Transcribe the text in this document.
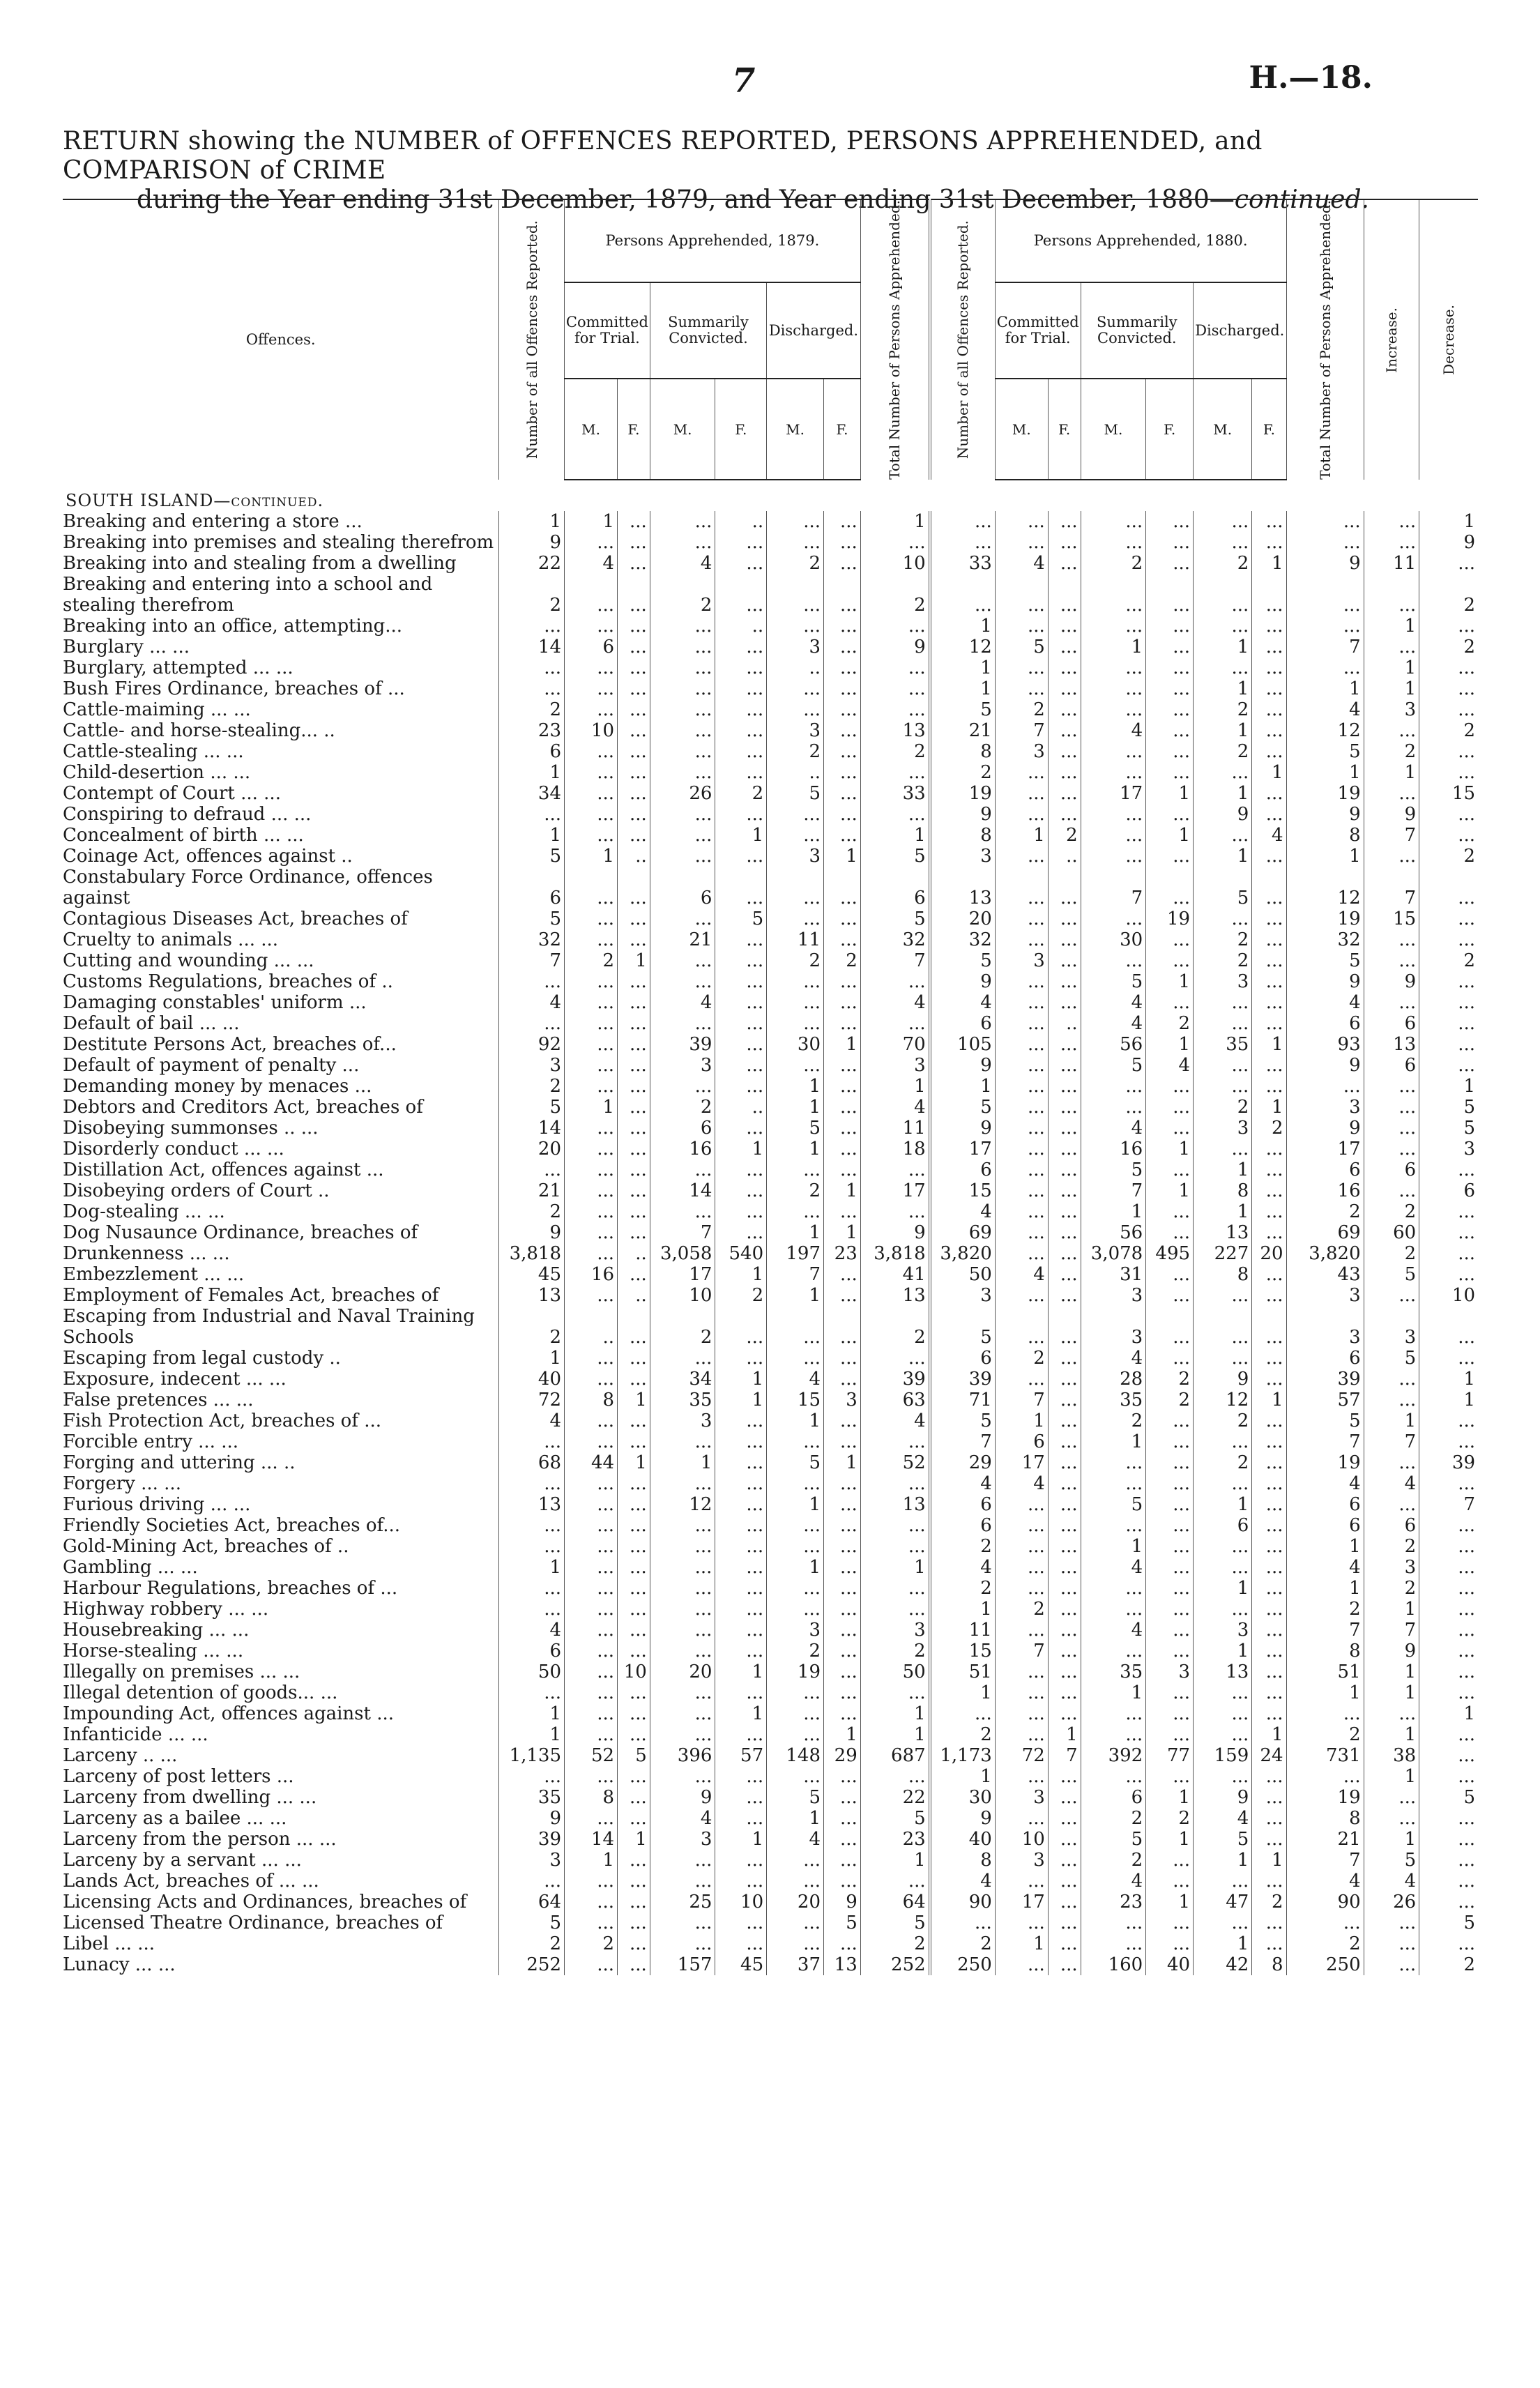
7	H.—18.
RETURN showing the NUMBER of OFFENCES REPORTED, PERSONS APPREHENDED, and COMPARISON of CRIME
during the Year ending 31st December, 1879, and Year ending 31st December, 1880—continued.
Offences.	Number of all Offences Reported.	Persons Apprehended, 1879.						Total Number of Persons Apprehended.	Number of all Offences Reported.	Persons Apprehended, 1880.						Total Number of Persons Apprehended.	Increase.	Decrease.

		Committed for Trial.		Summarily Convicted.		Discharged.				Committed for Trial.		Summarily Convicted.		Discharged.				
		M.	F.	M.	F.	M.	F.			M.	F.	M.	F.	M.	F.			
SOUTH ISLAND—continued.																		
Breaking and entering a store ...	1	1	...	...	..	...	...	1	...	...	...	...	...	...	...	...	...	1
Breaking into premises and stealing therefrom	9	...	...	...	...	...	...	...	...	...	...	...	...	...	...	...	...	9
Breaking into and stealing from a dwelling	22	4	...	4	...	2	...	10	33	4	...	2	...	2	1	9	11	...
Breaking and entering into a school and stealing therefrom	2	...	...	2	...	...	...	2	...	...	...	...	...	...	...	...	...	2
Breaking into an office, attempting...	...	...	...	...	..	...	...	...	1	...	...	...	...	...	...	...	1	...
Burglary ... ...	14	6	...	...	...	3	...	9	12	5	...	1	...	1	...	7	...	2
Burglary, attempted ... ...	...	...	...	...	...	..	...	...	1	...	...	...	...	...	...	...	1	...
Bush Fires Ordinance, breaches of ...	...	...	...	...	...	...	...	...	1	...	...	...	...	1	...	1	1	...
Cattle-maiming ... ...	2	...	...	...	...	...	...	...	5	2	...	...	...	2	...	4	3	...
Cattle- and horse-stealing... ..	23	10	...	...	...	3	...	13	21	7	...	4	...	1	...	12	...	2
Cattle-stealing ... ...	6	...	...	...	...	2	...	2	8	3	...	...	...	2	...	5	2	...
Child-desertion ... ...	1	...	...	...	...	..	...	...	2	...	...	...	...	...	1	1	1	...
Contempt of Court ... ...	34	...	...	26	2	5	...	33	19	...	...	17	1	1	...	19	...	15
Conspiring to defraud ... ...	...	...	...	...	...	...	...	...	9	...	...	...	...	9	...	9	9	...
Concealment of birth ... ...	1	...	...	...	1	...	...	1	8	1	2	...	1	...	4	8	7	...
Coinage Act, offences against ..	5	1	..	...	...	3	1	5	3	...	..	...	...	1	...	1	...	2
Constabulary Force Ordinance, offences against	6	...	...	6	...	...	...	6	13	...	...	7	...	5	...	12	7	...
Contagious Diseases Act, breaches of	5	...	...	...	5	...	...	5	20	...	...	...	19	...	...	19	15	...
Cruelty to animals ... ...	32	...	...	21	...	11	...	32	32	...	...	30	...	2	...	32	...	...
Cutting and wounding ... ...	7	2	1	...	...	2	2	7	5	3	...	...	...	2	...	5	...	2
Customs Regulations, breaches of ..	...	...	...	...	...	...	...	...	9	...	...	5	1	3	...	9	9	...
Damaging constables' uniform ...	4	...	...	4	...	...	...	4	4	...	...	4	...	...	...	4	...	...
Default of bail ... ...	...	...	...	...	...	...	...	...	6	...	..	4	2	...	...	6	6	...
Destitute Persons Act, breaches of...	92	...	...	39	...	30	1	70	105	...	...	56	1	35	1	93	13	...
Default of payment of penalty ...	3	...	...	3	...	...	...	3	9	...	...	5	4	...	...	9	6	...
Demanding money by menaces ...	2	...	...	...	...	1	...	1	1	...	...	...	...	...	...	...	...	1
Debtors and Creditors Act, breaches of	5	1	...	2	..	1	...	4	5	...	...	...	...	2	1	3	...	5
Disobeying summonses .. ...	14	...	...	6	...	5	...	11	9	...	...	4	...	3	2	9	...	5
Disorderly conduct ... ...	20	...	...	16	1	1	...	18	17	...	...	16	1	...	...	17	...	3
Distillation Act, offences against ...	...	...	...	...	...	...	...	...	6	...	...	5	...	1	...	6	6	...
Disobeying orders of Court ..	21	...	...	14	...	2	1	17	15	...	...	7	1	8	...	16	...	6
Dog-stealing ... ...	2	...	...	...	...	...	...	...	4	...	...	1	...	1	...	2	2	...
Dog Nusaunce Ordinance, breaches of	9	...	...	7	...	1	1	9	69	...	...	56	...	13	...	69	60	...
Drunkenness ... ...	3,818	...	..	3,058	540	197	23	3,818	3,820	...	...	3,078	495	227	20	3,820	2	...
Embezzlement ... ...	45	16	...	17	1	7	...	41	50	4	...	31	...	8	...	43	5	...
Employment of Females Act, breaches of	13	...	..	10	2	1	...	13	3	...	...	3	...	...	...	3	...	10
Escaping from Industrial and Naval Training Schools	2	..	...	2	...	...	...	2	5	...	...	3	...	...	...	3	3	...
Escaping from legal custody ..	1	...	...	...	...	...	...	...	6	2	...	4	...	...	...	6	5	...
Exposure, indecent ... ...	40	...	...	34	1	4	...	39	39	...	...	28	2	9	...	39	...	1
False pretences ... ...	72	8	1	35	1	15	3	63	71	7	...	35	2	12	1	57	...	1
Fish Protection Act, breaches of ...	4	...	...	3	...	1	...	4	5	1	...	2	...	2	...	5	1	...
Forcible entry ... ...	...	...	...	...	...	...	...	...	7	6	...	1	...	...	...	7	7	...
Forging and uttering ... ..	68	44	1	1	...	5	1	52	29	17	...	...	...	2	...	19	...	39
Forgery ... ...	...	...	...	...	...	...	...	...	4	4	...	...	...	...	...	4	4	...
Furious driving ... ...	13	...	...	12	...	1	...	13	6	...	...	5	...	1	...	6	...	7
Friendly Societies Act, breaches of...	...	...	...	...	...	...	...	...	6	...	...	...	...	6	...	6	6	...
Gold-Mining Act, breaches of ..	...	...	...	...	...	...	...	...	2	...	...	1	...	...	...	1	2	...
Gambling ... ...	1	...	...	...	...	1	...	1	4	...	...	4	...	...	...	4	3	...
Harbour Regulations, breaches of ...	...	...	...	...	...	...	...	...	2	...	...	...	...	1	...	1	2	...
Highway robbery ... ...	...	...	...	...	...	...	...	...	1	2	...	...	...	...	...	2	1	...
Housebreaking ... ...	4	...	...	...	...	3	...	3	11	...	...	4	...	3	...	7	7	...
Horse-stealing ... ...	6	...	...	...	...	2	...	2	15	7	...	...	...	1	...	8	9	...
Illegally on premises ... ...	50	...	10	20	1	19	...	50	51	...	...	35	3	13	...	51	1	...
Illegal detention of goods... ...	...	...	...	...	...	...	...	...	1	...	...	1	...	...	...	1	1	...
Impounding Act, offences against ...	1	...	...	...	1	...	...	1	...	...	...	...	...	...	...	...	...	1
Infanticide ... ...	1	...	...	...	...	...	1	1	2	...	1	...	...	...	1	2	1	...
Larceny .. ...	1,135	52	5	396	57	148	29	687	1,173	72	7	392	77	159	24	731	38	...
Larceny of post letters ...	...	...	...	...	...	...	...	...	1	...	...	...	...	...	...	...	1	...
Larceny from dwelling ... ...	35	8	...	9	...	5	...	22	30	3	...	6	1	9	...	19	...	5
Larceny as a bailee ... ...	9	...	...	4	...	1	...	5	9	...	...	2	2	4	...	8	...	...
Larceny from the person ... ...	39	14	1	3	1	4	...	23	40	10	...	5	1	5	...	21	1	...
Larceny by a servant ... ...	3	1	...	...	...	...	...	1	8	3	...	2	...	1	1	7	5	...
Lands Act, breaches of ... ...	...	...	...	...	...	...	...	...	4	...	...	4	...	...	...	4	4	...
Licensing Acts and Ordinances, breaches of	64	...	...	25	10	20	9	64	90	17	...	23	1	47	2	90	26	...
Licensed Theatre Ordinance, breaches of	5	...	...	...	...	...	5	5	...	...	...	...	...	...	...	...	...	5
Libel ... ...	2	2	...	...	...	...	...	2	2	1	...	...	...	1	...	2	...	...
Lunacy ... ...	252	...	...	157	45	37	13	252	250	...	...	160	40	42	8	250	...	2
